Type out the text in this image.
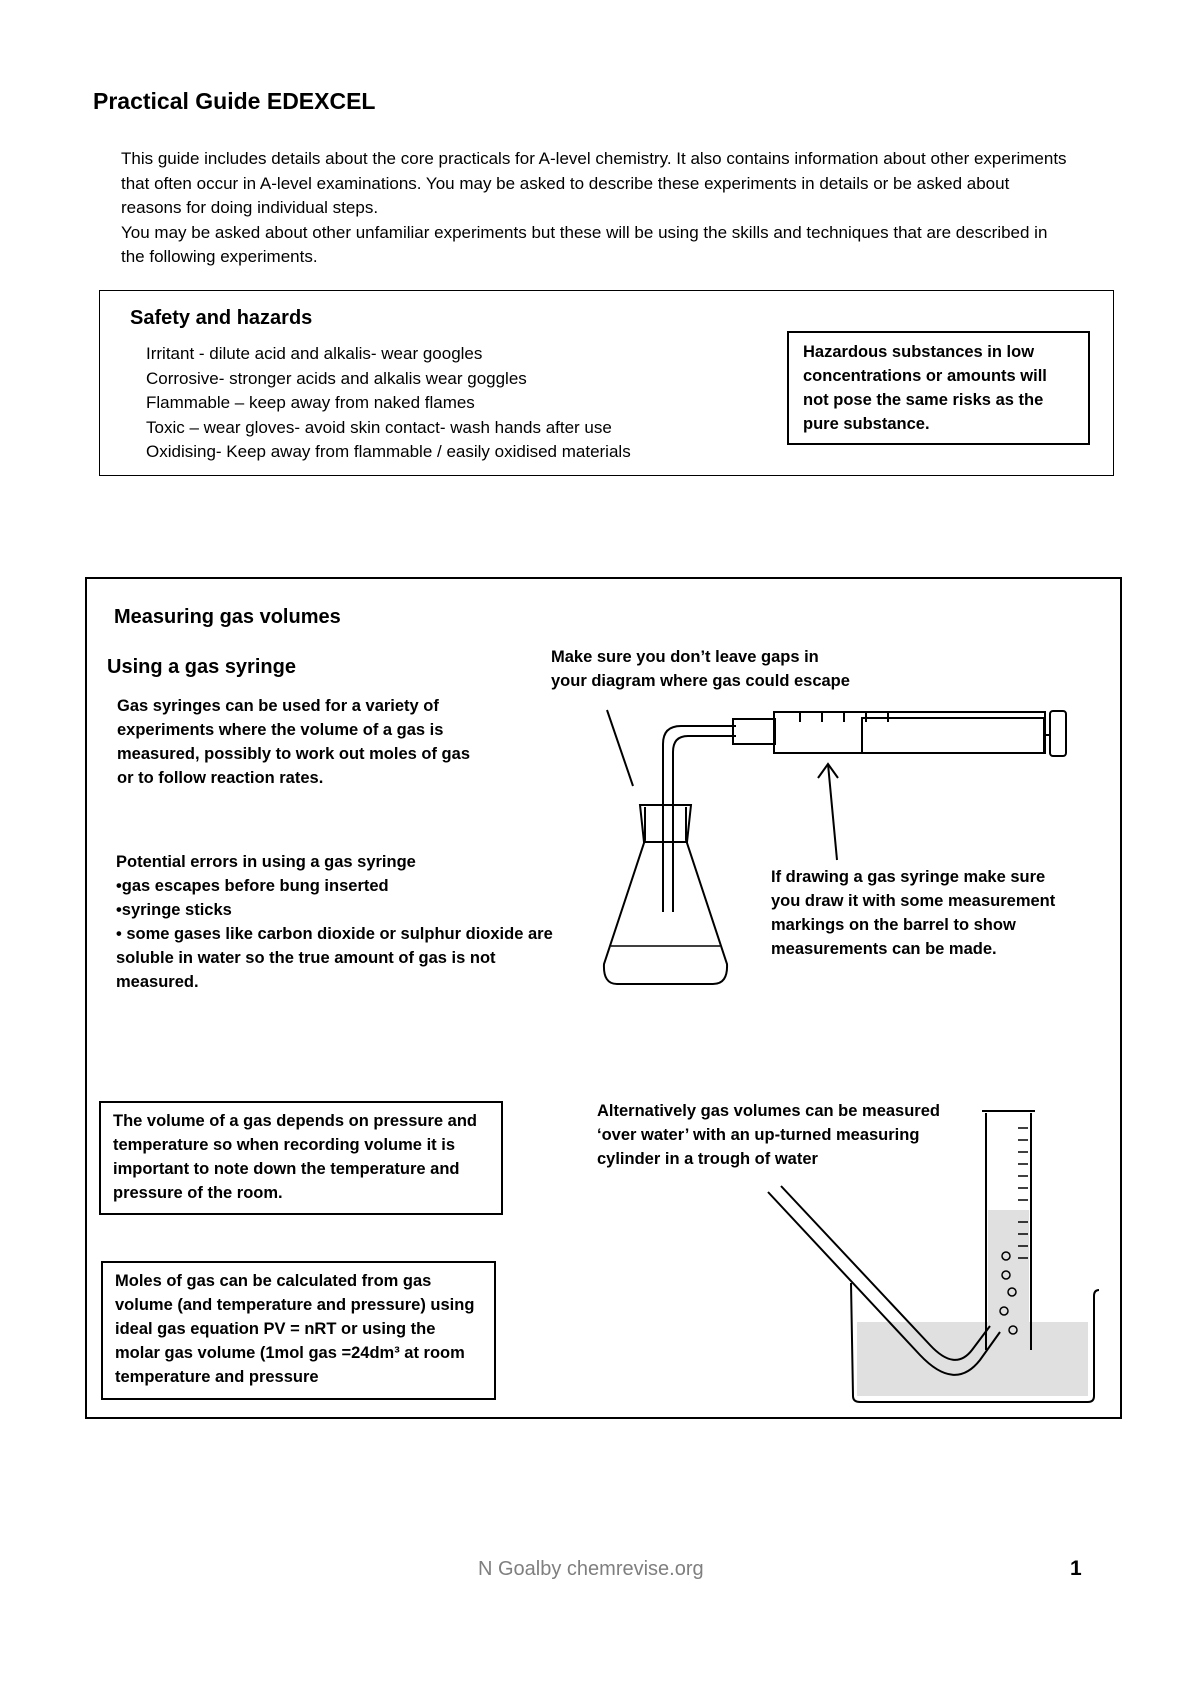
Practical Guide EDEXCEL

This guide includes details about the core practicals for A-level chemistry. It also contains information about other experiments that often occur in A-level examinations. You may be asked to describe these experiments in details or be asked about reasons for doing individual steps.

You may be asked about other unfamiliar experiments but these will be using the skills and techniques that are described in the following experiments.

Safety and hazards
Irritant - dilute acid and alkalis- wear googles
Corrosive- stronger acids and alkalis wear goggles
Flammable – keep away from naked flames
Toxic – wear gloves- avoid skin contact- wash hands after use
Oxidising- Keep away from flammable / easily oxidised materials
Hazardous substances in low concentrations or amounts will not pose the same risks as the pure substance.
Measuring gas volumes
Using a gas syringe
Gas syringes can be used for a variety of experiments where the volume of a gas is measured, possibly to work out moles of gas or to follow reaction rates.

Potential errors in using a gas syringe

•gas escapes before bung inserted

•syringe sticks

• some gases like carbon dioxide or sulphur dioxide are soluble in water so the true amount of gas is not measured.

Make sure you don’t leave gaps in your diagram where gas could escape
If drawing a gas syringe make sure you draw it with some measurement markings on the barrel to show measurements can be made.
The volume of a gas depends on pressure and temperature so when recording volume it is important to note down the temperature and pressure of the room.
Moles of gas can be calculated from gas volume (and temperature and pressure) using ideal gas equation PV = nRT or using the molar gas volume (1mol gas =24dm³ at room temperature and pressure
Alternatively gas volumes can be measured ‘over water’ with an up-turned measuring cylinder in a trough of water
N Goalby chemrevise.org	1
